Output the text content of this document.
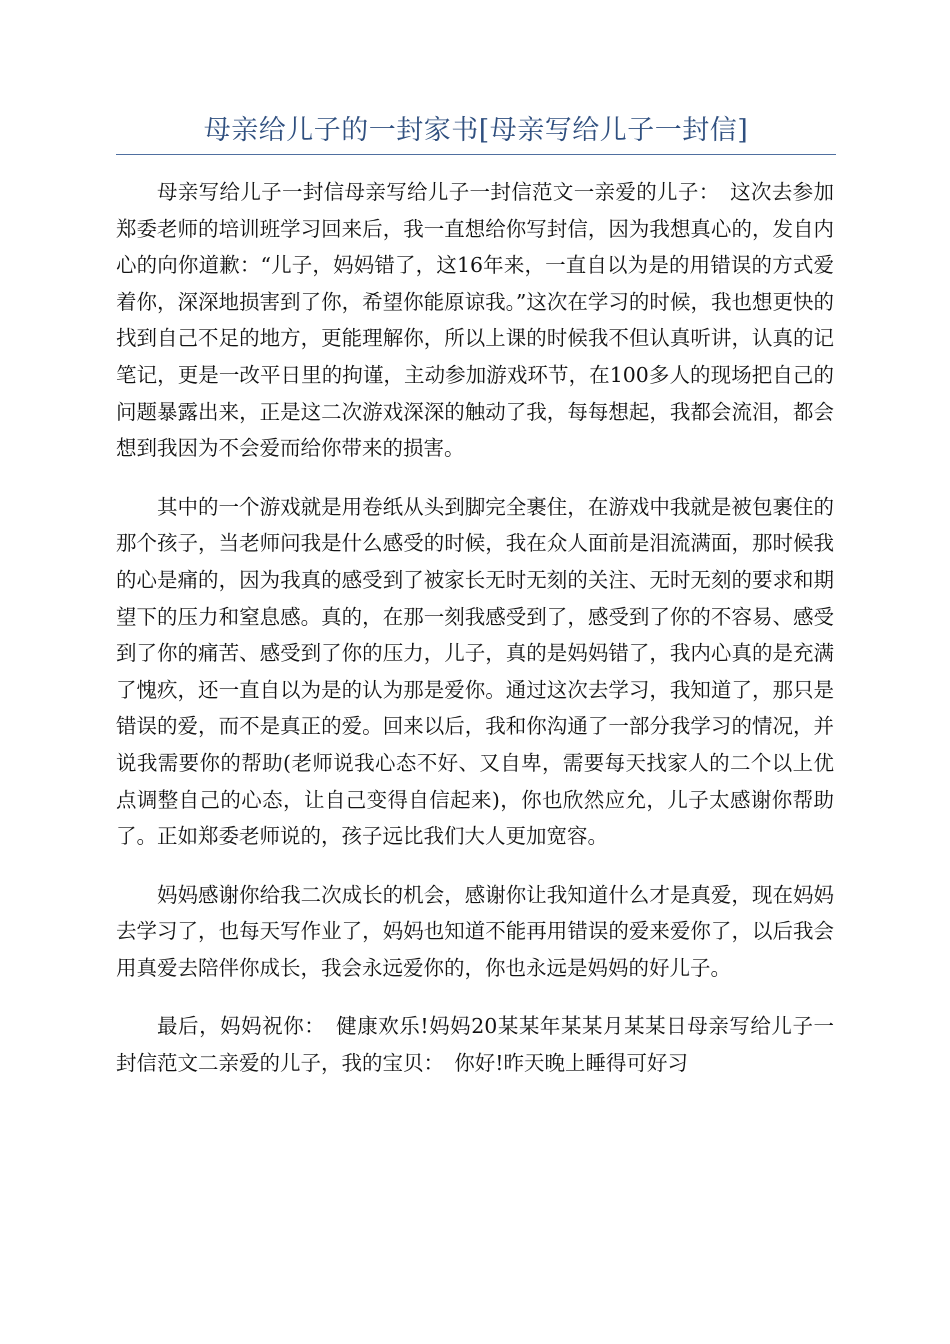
母亲给儿子的一封家书[母亲写给儿子一封信]

母亲写给儿子一封信母亲写给儿子一封信范文一亲爱的儿子：　这次去参加郑委老师的培训班学习回来后，我一直想给你写封信，因为我想真心的，发自内心的向你道歉：“儿子，妈妈错了，这16年来，一直自以为是的用错误的方式爱着你，深深地损害到了你，希望你能原谅我。”这次在学习的时候，我也想更快的找到自己不足的地方，更能理解你，所以上课的时候我不但认真听讲，认真的记笔记，更是一改平日里的拘谨，主动参加游戏环节，在100多人的现场把自己的问题暴露出来，正是这二次游戏深深的触动了我，每每想起，我都会流泪，都会想到我因为不会爱而给你带来的损害。

其中的一个游戏就是用卷纸从头到脚完全裹住，在游戏中我就是被包裹住的那个孩子，当老师问我是什么感受的时候，我在众人面前是泪流满面，那时候我的心是痛的，因为我真的感受到了被家长无时无刻的关注、无时无刻的要求和期望下的压力和窒息感。真的，在那一刻我感受到了，感受到了你的不容易、感受到了你的痛苦、感受到了你的压力，儿子，真的是妈妈错了，我内心真的是充满了愧疚，还一直自以为是的认为那是爱你。通过这次去学习，我知道了，那只是错误的爱，而不是真正的爱。回来以后，我和你沟通了一部分我学习的情况，并说我需要你的帮助(老师说我心态不好、又自卑，需要每天找家人的二个以上优点调整自己的心态，让自己变得自信起来)，你也欣然应允，儿子太感谢你帮助了。正如郑委老师说的，孩子远比我们大人更加宽容。

妈妈感谢你给我二次成长的机会，感谢你让我知道什么才是真爱，现在妈妈去学习了，也每天写作业了，妈妈也知道不能再用错误的爱来爱你了，以后我会用真爱去陪伴你成长，我会永远爱你的，你也永远是妈妈的好儿子。

最后，妈妈祝你：　健康欢乐!妈妈20某某年某某月某某日母亲写给儿子一封信范文二亲爱的儿子，我的宝贝：　你好!昨天晚上睡得可好习
